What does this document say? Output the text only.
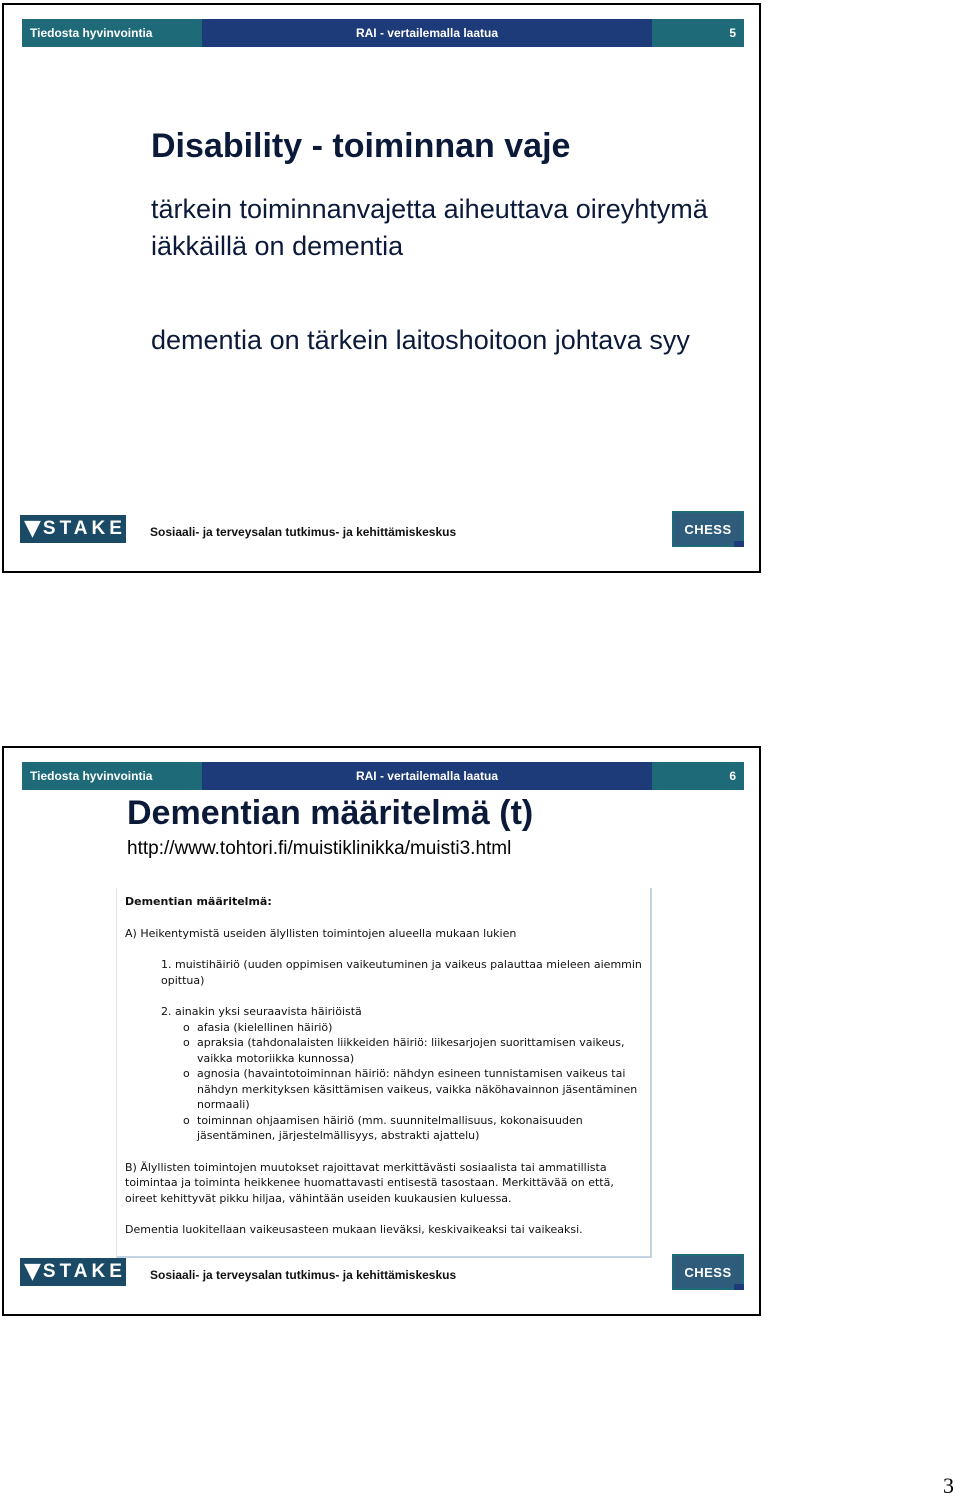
Tiedosta hyvinvointia	RAI - vertailemalla laatua	5
Disability - toiminnan vaje
tärkein toiminnanvajetta aiheuttava oireyhtymä iäkkäillä on dementia
dementia on tärkein laitoshoitoon johtava syy
▼ STAKES Sosiaali- ja terveysalan tutkimus- ja kehittämiskeskus	CHESS
Tiedosta hyvinvointia	RAI - vertailemalla laatua	6
Dementian määritelmä (t)
http://www.tohtori.fi/muistiklinikka/muisti3.html
Dementian määritelmä:
A) Heikentymistä useiden älyllisten toimintojen alueella mukaan lukien
1. muistihäiriö (uuden oppimisen vaikeutuminen ja vaikeus palauttaa mieleen aiemmin opittua)
2. ainakin yksi seuraavista häiriöistä
o afasia (kielellinen häiriö)
o apraksia (tahdonalaisten liikkeiden häiriö: liikesarjojen suorittamisen vaikeus, vaikka motoriikka kunnossa)
o agnosia (havaintotoiminnan häiriö: nähdyn esineen tunnistamisen vaikeus tai nähdyn merkityksen käsittämisen vaikeus, vaikka näköhavainnon jäsentäminen normaali)
o toiminnan ohjaamisen häiriö (mm. suunnitelmallisuus, kokonaisuuden jäsentäminen, järjestelmällisyys, abstrakti ajattelu)
B) Älyllisten toimintojen muutokset rajoittavat merkittävästi sosiaalista tai ammatillista toimintaa ja toiminta heikkenee huomattavasti entisestä tasostaan. Merkittävää on että, oireet kehittyvät pikku hiljaa, vähintään useiden kuukausien kuluessa.
Dementia luokitellaan vaikeusasteen mukaan lieväksi, keskivaikeaksi tai vaikeaksi.
▼ STAKES Sosiaali- ja terveysalan tutkimus- ja kehittämiskeskus	CHESS
3
